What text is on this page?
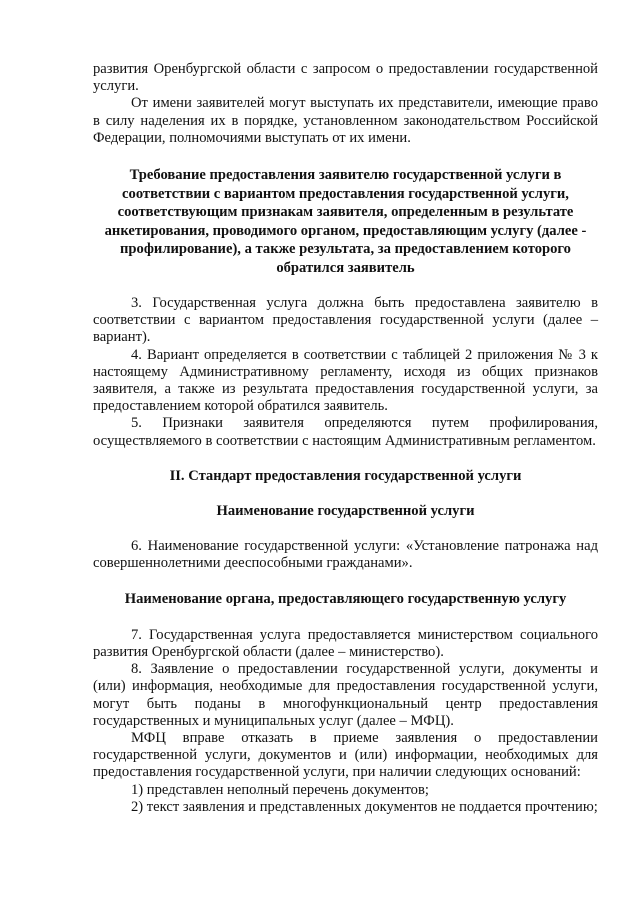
развития Оренбургской области с запросом о предоставлении государственной услуги.

От имени заявителей могут выступать их представители, имеющие право в силу наделения их в порядке, установленном законодательством Российской Федерации, полномочиями выступать от их имени.

Требование предоставления заявителю государственной услуги в соответствии с вариантом предоставления государственной услуги, соответствующим признакам заявителя, определенным в результате анкетирования, проводимого органом, предоставляющим услугу (далее - профилирование), а также результата, за предоставлением которого обратился заявитель

3. Государственная услуга должна быть предоставлена заявителю в соответствии с вариантом предоставления государственной услуги (далее – вариант).

4. Вариант определяется в соответствии с таблицей 2 приложения № 3 к настоящему Административному регламенту, исходя из общих признаков заявителя, а также из результата предоставления государственной услуги, за предоставлением которой обратился заявитель.

5. Признаки заявителя определяются путем профилирования, осуществляемого в соответствии с настоящим Административным регламентом.

II. Стандарт предоставления государственной услуги
Наименование государственной услуги

6. Наименование государственной услуги: «Установление патронажа над совершеннолетними дееспособными гражданами».

Наименование органа, предоставляющего государственную услугу

7. Государственная услуга предоставляется министерством социального развития Оренбургской области (далее – министерство).

8. Заявление о предоставлении государственной услуги, документы и (или) информация, необходимые для предоставления государственной услуги, могут быть поданы в многофункциональный центр предоставления государственных и муниципальных услуг (далее – МФЦ).

МФЦ вправе отказать в приеме заявления о предоставлении государственной услуги, документов и (или) информации, необходимых для предоставления государственной услуги, при наличии следующих оснований:

1) представлен неполный перечень документов;

2) текст заявления и представленных документов не поддается прочтению;
